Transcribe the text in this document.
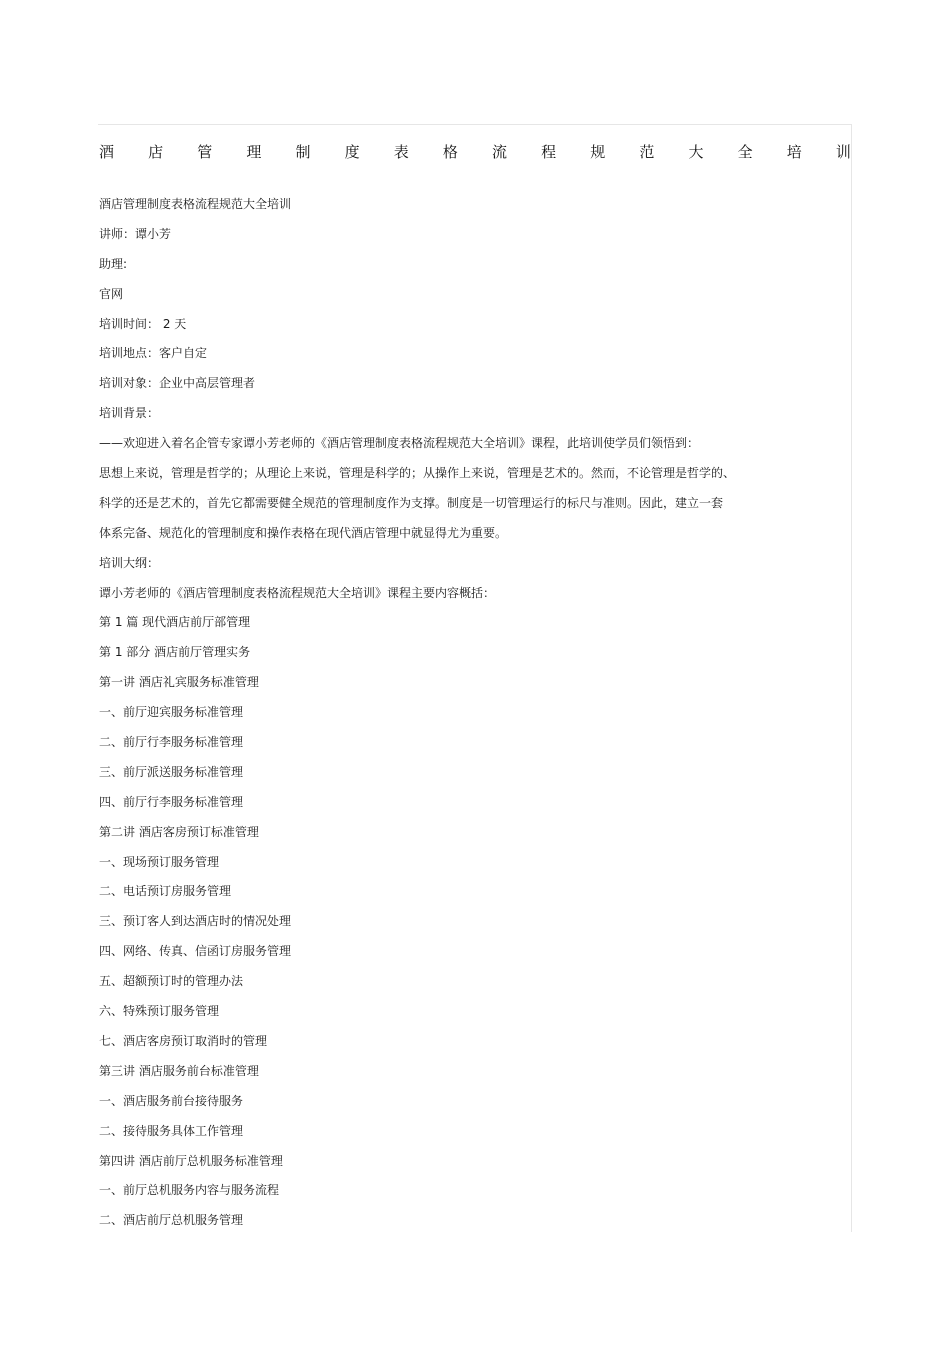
酒 店 管 理 制 度 表 格 流 程 规 范 大 全 培 训
酒店管理制度表格流程规范大全培训
讲师：谭小芳
助理:
官网
培训时间： 2 天
培训地点：客户自定
培训对象：企业中高层管理者
培训背景：
——欢迎进入着名企管专家谭小芳老师的《酒店管理制度表格流程规范大全培训》课程，此培训使学员们领悟到：
思想上来说，管理是哲学的；从理论上来说，管理是科学的；从操作上来说，管理是艺术的。然而，不论管理是哲学的、
科学的还是艺术的，首先它都需要健全规范的管理制度作为支撑。制度是一切管理运行的标尺与准则。因此，建立一套
体系完备、规范化的管理制度和操作表格在现代酒店管理中就显得尤为重要。
培训大纲：
谭小芳老师的《酒店管理制度表格流程规范大全培训》课程主要内容概括：
第 1 篇 现代酒店前厅部管理
第 1 部分 酒店前厅管理实务
第一讲 酒店礼宾服务标准管理
一、前厅迎宾服务标准管理
二、前厅行李服务标准管理
三、前厅派送服务标准管理
四、前厅行李服务标准管理
第二讲 酒店客房预订标准管理
一、现场预订服务管理
二、电话预订房服务管理
三、预订客人到达酒店时的情况处理
四、网络、传真、信函订房服务管理
五、超额预订时的管理办法
六、特殊预订服务管理
七、酒店客房预订取消时的管理
第三讲 酒店服务前台标准管理
一、酒店服务前台接待服务
二、接待服务具体工作管理
第四讲 酒店前厅总机服务标准管理
一、前厅总机服务内容与服务流程
二、酒店前厅总机服务管理
